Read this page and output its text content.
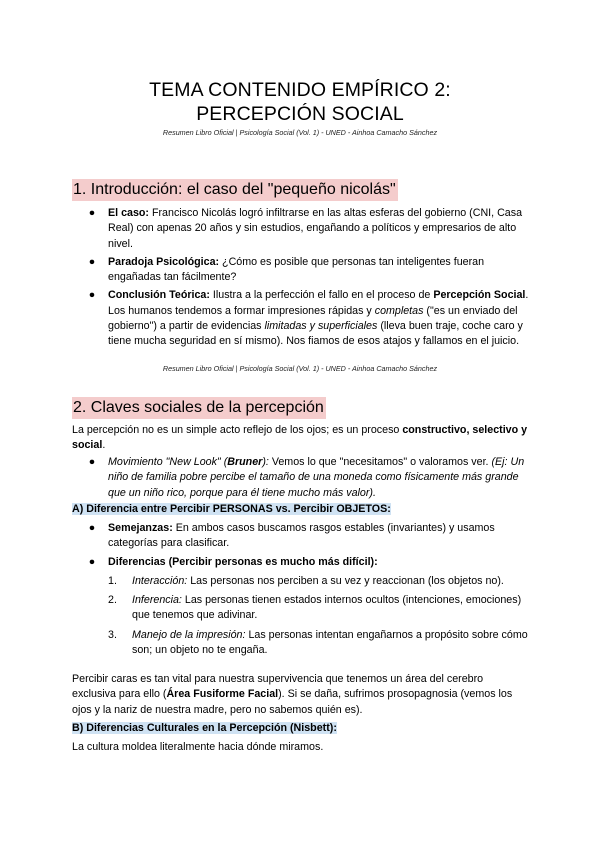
TEMA CONTENIDO EMPÍRICO 2:
PERCEPCIÓN SOCIAL
Resumen Libro Oficial | Psicología Social (Vol. 1) - UNED - Ainhoa Camacho Sánchez
1. Introducción: el caso del "pequeño nicolás"
● El caso: Francisco Nicolás logró infiltrarse en las altas esferas del gobierno (CNI, Casa Real) con apenas 20 años y sin estudios, engañando a políticos y empresarios de alto nivel.
● Paradoja Psicológica: ¿Cómo es posible que personas tan inteligentes fueran engañadas tan fácilmente?
● Conclusión Teórica: Ilustra a la perfección el fallo en el proceso de Percepción Social. Los humanos tendemos a formar impresiones rápidas y completas ("es un enviado del gobierno") a partir de evidencias limitadas y superficiales (lleva buen traje, coche caro y tiene mucha seguridad en sí mismo). Nos fiamos de esos atajos y fallamos en el juicio.
Resumen Libro Oficial | Psicología Social (Vol. 1) - UNED - Ainhoa Camacho Sánchez
2. Claves sociales de la percepción
La percepción no es un simple acto reflejo de los ojos; es un proceso constructivo, selectivo y social.
● Movimiento "New Look" (Bruner): Vemos lo que "necesitamos" o valoramos ver. (Ej: Un niño de familia pobre percibe el tamaño de una moneda como físicamente más grande que un niño rico, porque para él tiene mucho más valor).
A) Diferencia entre Percibir PERSONAS vs. Percibir OBJETOS:
● Semejanzas: En ambos casos buscamos rasgos estables (invariantes) y usamos categorías para clasificar.
● Diferencias (Percibir personas es mucho más difícil):
1. Interacción: Las personas nos perciben a su vez y reaccionan (los objetos no).
2. Inferencia: Las personas tienen estados internos ocultos (intenciones, emociones) que tenemos que adivinar.
3. Manejo de la impresión: Las personas intentan engañarnos a propósito sobre cómo son; un objeto no te engaña.
Percibir caras es tan vital para nuestra supervivencia que tenemos un área del cerebro exclusiva para ello (Área Fusiforme Facial). Si se daña, sufrimos prosopagnosia (vemos los ojos y la nariz de nuestra madre, pero no sabemos quién es).
B) Diferencias Culturales en la Percepción (Nisbett):
La cultura moldea literalmente hacia dónde miramos.
